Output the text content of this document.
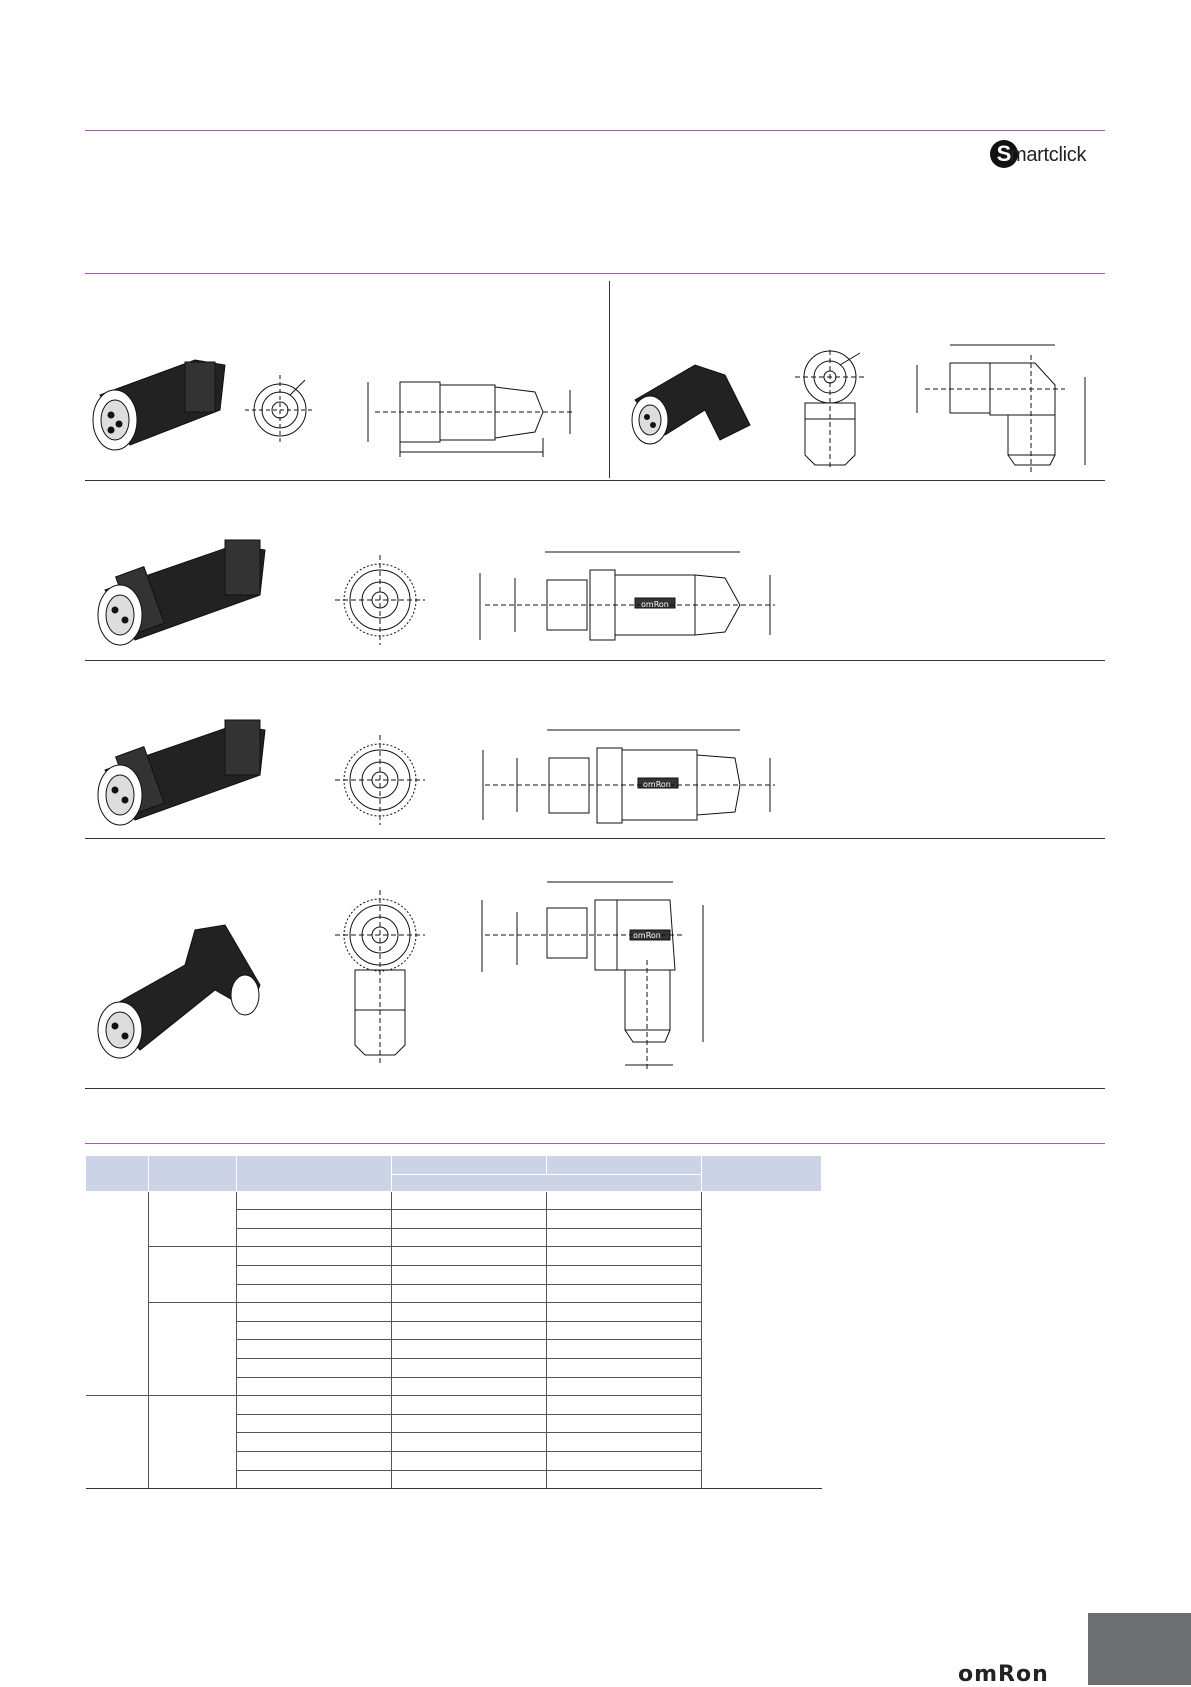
S
martclick
omRon
omRon
omRon

omRon
